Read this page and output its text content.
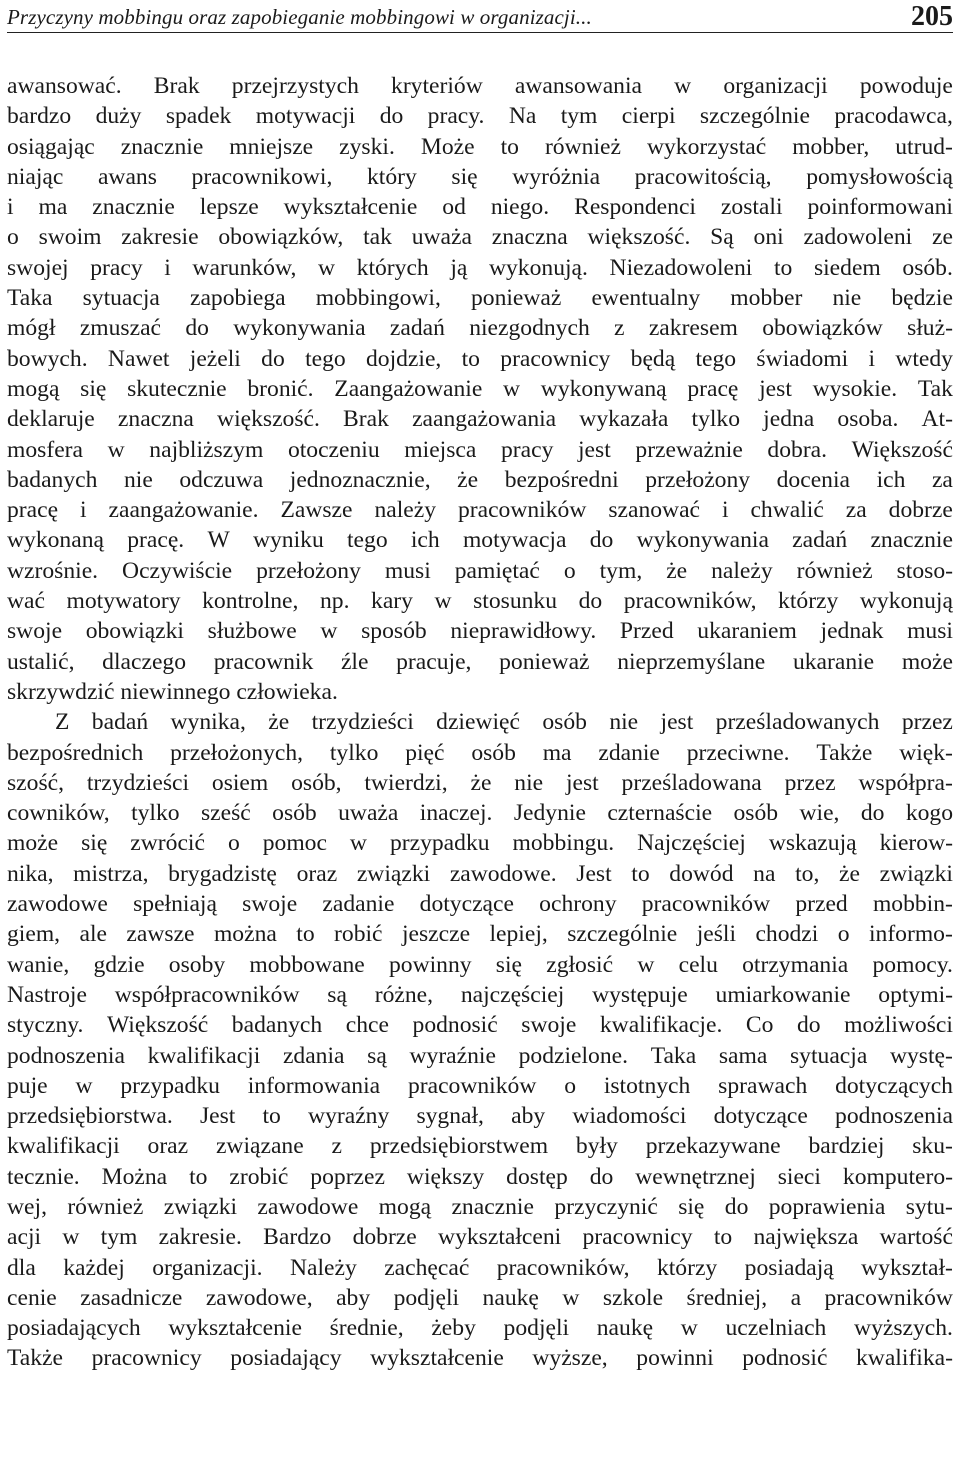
Przyczyny mobbingu oraz zapobieganie mobbingowi w organizacji...	205
awansować. Brak przejrzystych kryteriów awansowania w organizacji powoduje
bardzo duży spadek motywacji do pracy. Na tym cierpi szczególnie pracodawca,
osiągając znacznie mniejsze zyski. Może to również wykorzystać mobber, utrud-
niając awans pracownikowi, który się wyróżnia pracowitością, pomysłowością
i ma znacznie lepsze wykształcenie od niego. Respondenci zostali poinformowani
o swoim zakresie obowiązków, tak uważa znaczna większość. Są oni zadowoleni ze
swojej pracy i warunków, w których ją wykonują. Niezadowoleni to siedem osób.
Taka sytuacja zapobiega mobbingowi, ponieważ ewentualny mobber nie będzie
mógł zmuszać do wykonywania zadań niezgodnych z zakresem obowiązków służ-
bowych. Nawet jeżeli do tego dojdzie, to pracownicy będą tego świadomi i wtedy
mogą się skutecznie bronić. Zaangażowanie w wykonywaną pracę jest wysokie. Tak
deklaruje znaczna większość. Brak zaangażowania wykazała tylko jedna osoba. At-
mosfera w najbliższym otoczeniu miejsca pracy jest przeważnie dobra. Większość
badanych nie odczuwa jednoznacznie, że bezpośredni przełożony docenia ich za
pracę i zaangażowanie. Zawsze należy pracowników szanować i chwalić za dobrze
wykonaną pracę. W wyniku tego ich motywacja do wykonywania zadań znacznie
wzrośnie. Oczywiście przełożony musi pamiętać o tym, że należy również stoso-
wać motywatory kontrolne, np. kary w stosunku do pracowników, którzy wykonują
swoje obowiązki służbowe w sposób nieprawidłowy. Przed ukaraniem jednak musi
ustalić, dlaczego pracownik źle pracuje, ponieważ nieprzemyślane ukaranie może
skrzywdzić niewinnego człowieka.
Z badań wynika, że trzydzieści dziewięć osób nie jest prześladowanych przez
bezpośrednich przełożonych, tylko pięć osób ma zdanie przeciwne. Także więk-
szość, trzydzieści osiem osób, twierdzi, że nie jest prześladowana przez współpra-
cowników, tylko sześć osób uważa inaczej. Jedynie czternaście osób wie, do kogo
może się zwrócić o pomoc w przypadku mobbingu. Najczęściej wskazują kierow-
nika, mistrza, brygadzistę oraz związki zawodowe. Jest to dowód na to, że związki
zawodowe spełniają swoje zadanie dotyczące ochrony pracowników przed mobbin-
giem, ale zawsze można to robić jeszcze lepiej, szczególnie jeśli chodzi o informo-
wanie, gdzie osoby mobbowane powinny się zgłosić w celu otrzymania pomocy.
Nastroje współpracowników są różne, najczęściej występuje umiarkowanie optymi-
styczny. Większość badanych chce podnosić swoje kwalifikacje. Co do możliwości
podnoszenia kwalifikacji zdania są wyraźnie podzielone. Taka sama sytuacja wystę-
puje w przypadku informowania pracowników o istotnych sprawach dotyczących
przedsiębiorstwa. Jest to wyraźny sygnał, aby wiadomości dotyczące podnoszenia
kwalifikacji oraz związane z przedsiębiorstwem były przekazywane bardziej sku-
tecznie. Można to zrobić poprzez większy dostęp do wewnętrznej sieci komputero-
wej, również związki zawodowe mogą znacznie przyczynić się do poprawienia sytu-
acji w tym zakresie. Bardzo dobrze wykształceni pracownicy to największa wartość
dla każdej organizacji. Należy zachęcać pracowników, którzy posiadają wykształ-
cenie zasadnicze zawodowe, aby podjęli naukę w szkole średniej, a pracowników
posiadających wykształcenie średnie, żeby podjęli naukę w uczelniach wyższych.
Także pracownicy posiadający wykształcenie wyższe, powinni podnosić kwalifika-
